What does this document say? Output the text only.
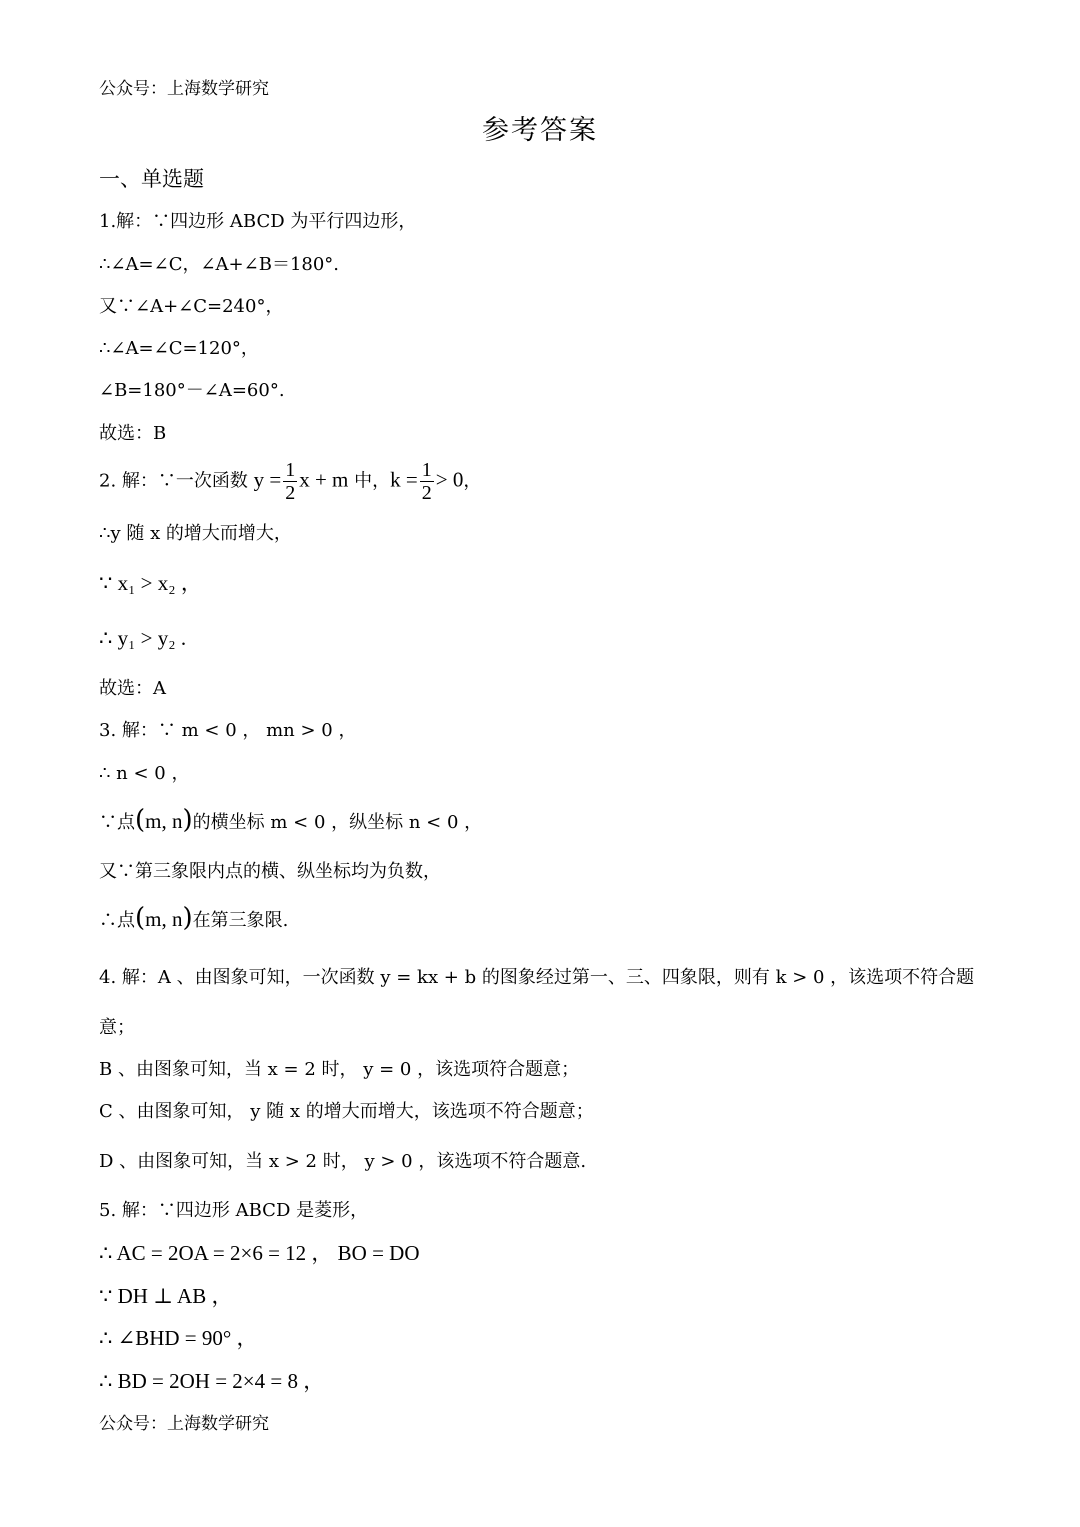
公众号：上海数学研究
参考答案
一、单选题
1.解：∵四边形 ABCD 为平行四边形，
∴∠A=∠C，∠A+∠B＝180°.
又∵∠A+∠C=240°，
∴∠A=∠C=120°，
∠B=180°－∠A=60°.
故选：B
2. 解：∵一次函数 $y = \frac{1}{2}$ x + m 中，$k = \frac{1}{2} > 0$，
∴y 随 x 的增大而增大，
∵ x₁ > x₂ ，
∴ y₁ > y₂ .
故选：A
3. 解：∵ m < 0 ， mn > 0 ，
∴ n < 0 ，
∵点(m, n)的横坐标 m < 0 ，纵坐标 n < 0 ，
又∵第三象限内点的横、纵坐标均为负数，
∴点(m, n)在第三象限.
4. 解：A 、由图象可知，一次函数 y = kx + b 的图象经过第一、三、四象限，则有 k > 0 ，该选项不符合题
意；
B 、由图象可知，当 x = 2 时， y = 0 ，该选项符合题意；
C 、由图象可知， y 随 x 的增大而增大，该选项不符合题意；
D 、由图象可知，当 x > 2 时， y > 0 ，该选项不符合题意.
5. 解：∵四边形 ABCD 是菱形，
∴ AC = 2OA = 2×6 = 12 ， BO = DO
∵ DH ⊥ AB ，
∴ ∠BHD = 90° ，
∴ BD = 2OH = 2×4 = 8 ，
公众号：上海数学研究
